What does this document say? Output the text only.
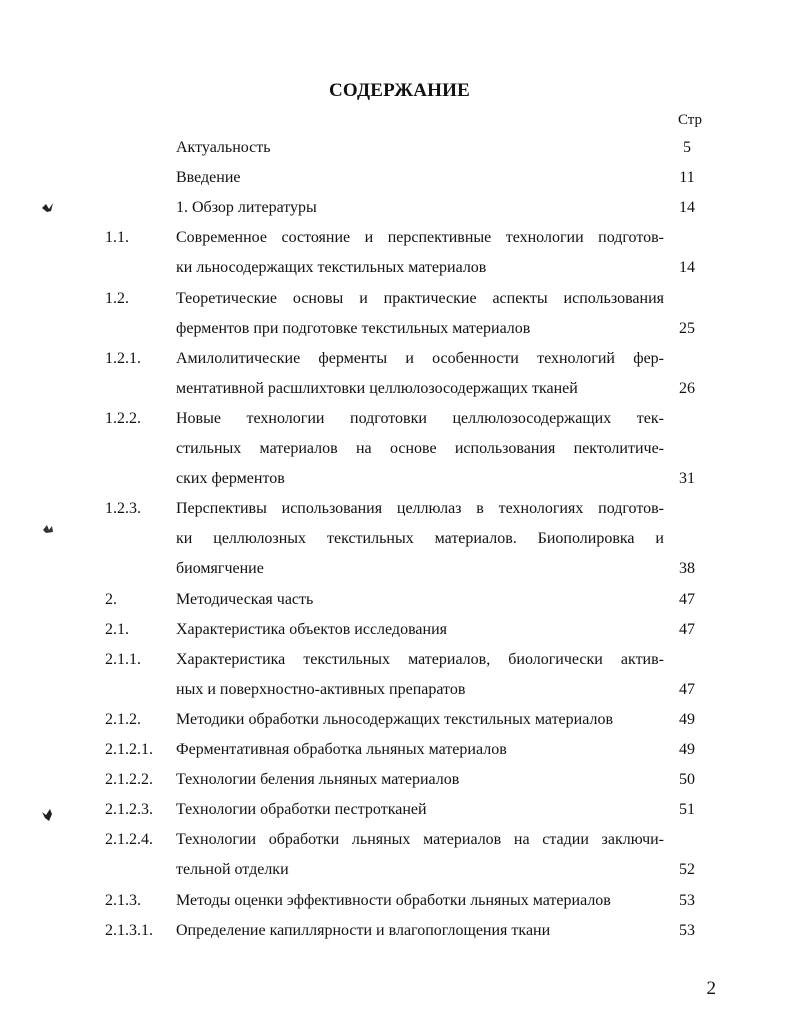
СОДЕРЖАНИЕ
Стр
Актуальность	5
Введение	11
1. Обзор литературы	14
1.1.	Современное состояние и перспективные технологии подготов-
ки льносодержащих текстильных материалов	14
1.2.	Теоретические основы и практические аспекты использования
ферментов при подготовке текстильных материалов	25
1.2.1. Амилолитические ферменты и особенности технологий фер-
ментативной расшлихтовки целлюлозосодержащих тканей	26
1.2.2. Новые технологии подготовки целлюлозосодержащих тек-
стильных материалов на основе использования пектолитиче-
ских ферментов	31
1.2.3. Перспективы использования целлюлаз в технологиях подготов-
ки целлюлозных текстильных материалов. Биополировка и
биомягчение	38
2.	Методическая часть	47
2.1.	Характеристика объектов исследования	47
2.1.1. Характеристика текстильных материалов, биологически актив-
ных и поверхностно-активных препаратов	47
2.1.2. Методики обработки льносодержащих текстильных материалов	49
2.1.2.1. Ферментативная обработка льняных материалов	49
2.1.2.2. Технологии беления льняных материалов	50
2.1.2.3. Технологии обработки пестротканей	51
2.1.2.4. Технологии обработки льняных материалов на стадии заключи-
тельной отделки	52
2.1.3. Методы оценки эффективности обработки льняных материалов	53
2.1.3.1. Определение капиллярности и влагопоглощения ткани	53
2
